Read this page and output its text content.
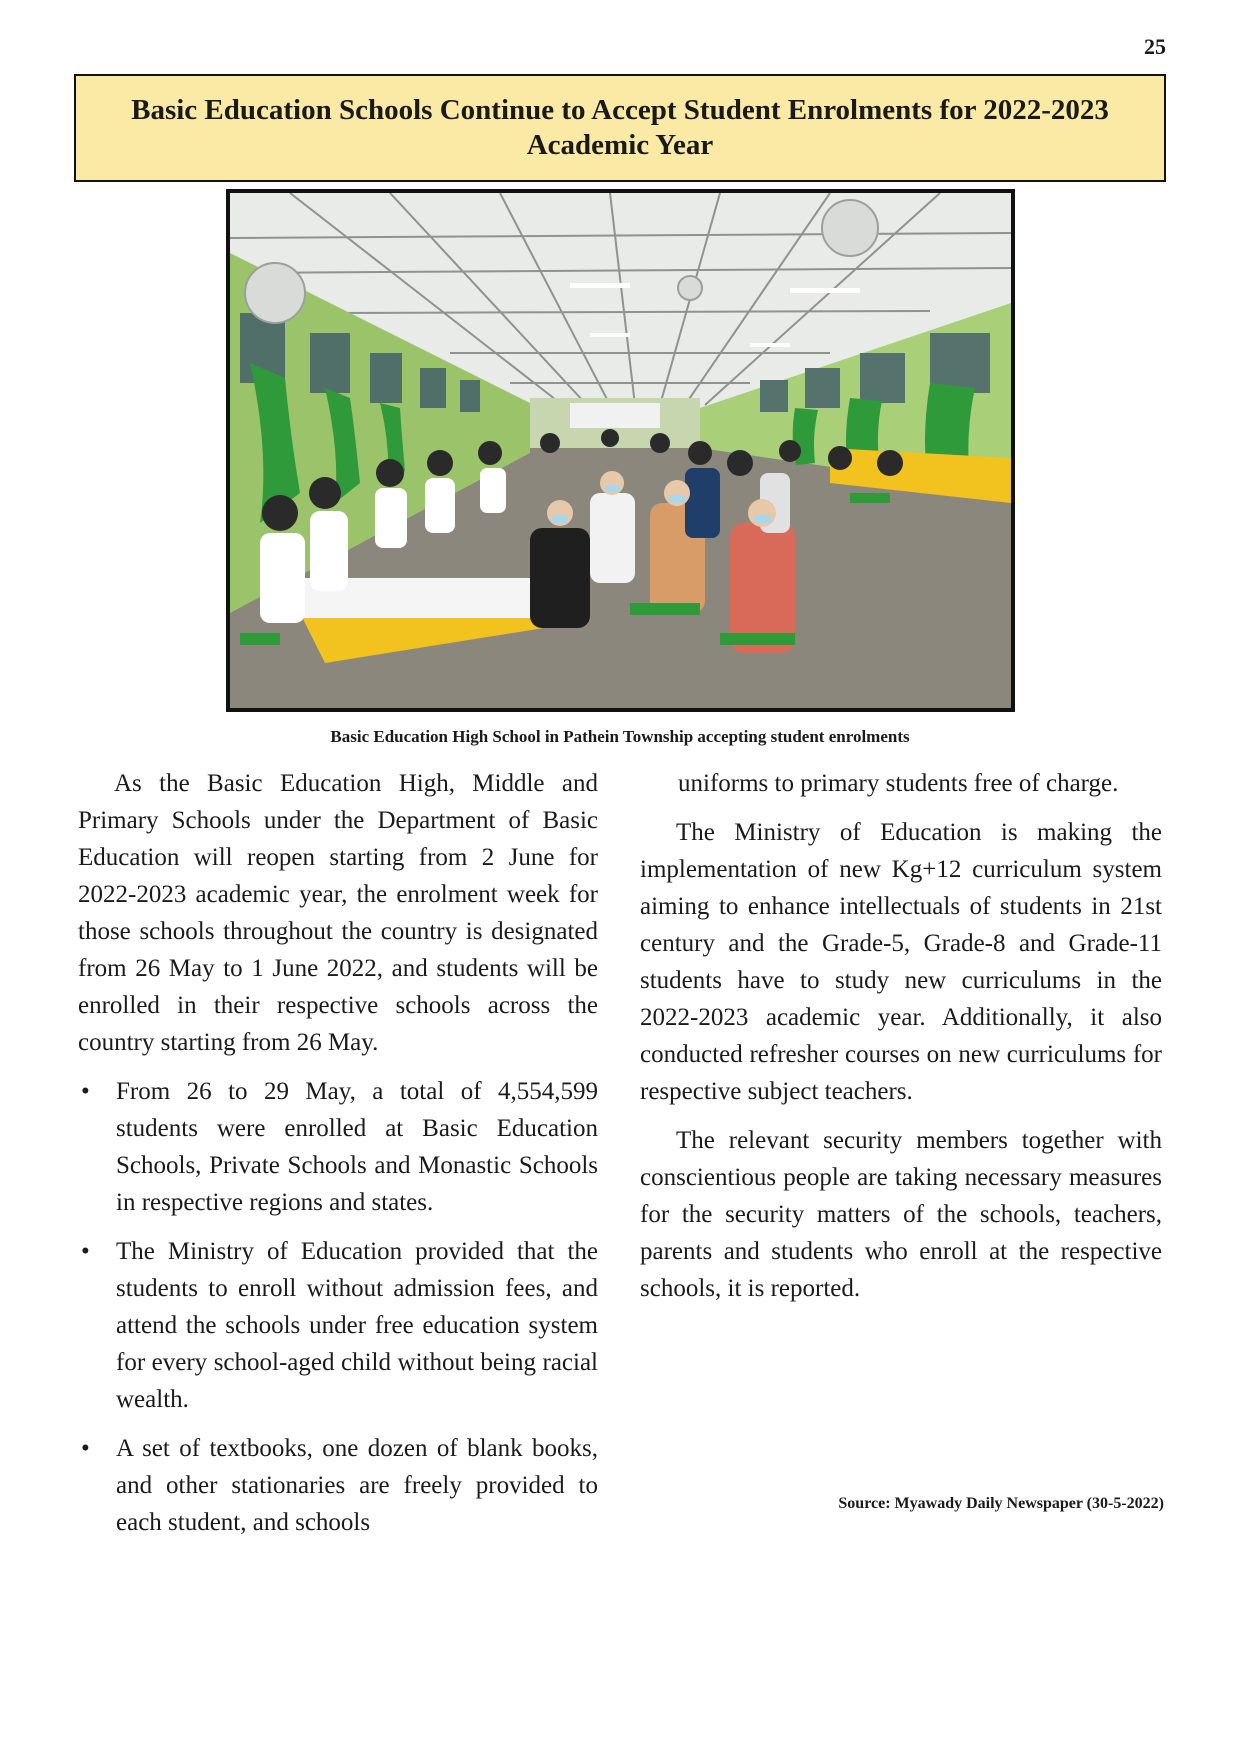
25
Basic Education Schools Continue to Accept Student Enrolments for 2022-2023 Academic Year
Basic Education High School in Pathein Township accepting student enrolments

As the Basic Education High, Middle and Primary Schools under the Department of Basic Education will reopen starting from 2 June for 2022-2023 academic year, the enrolment week for those schools throughout the country is designated from 26 May to 1 June 2022, and students will be enrolled in their respective schools across the country starting from 26 May.

• From 26 to 29 May, a total of 4,554,599 students were enrolled at Basic Education Schools, Private Schools and Monastic Schools in respective regions and states.
• The Ministry of Education provided that the students to enroll without admission fees, and attend the schools under free education system for every school-aged child without being racial wealth.
• A set of textbooks, one dozen of blank books, and other stationaries are freely provided to each student, and schools

uniforms to primary students free of charge.

The Ministry of Education is making the implementation of new Kg+12 curriculum system aiming to enhance intellectuals of students in 21st century and the Grade-5, Grade-8 and Grade-11 students have to study new curriculums in the 2022-2023 academic year. Additionally, it also conducted refresher courses on new curriculums for respective subject teachers.

The relevant security members together with conscientious people are taking necessary measures for the security matters of the schools, teachers, parents and students who enroll at the respective schools, it is reported.

Source: Myawady Daily Newspaper (30-5-2022)
